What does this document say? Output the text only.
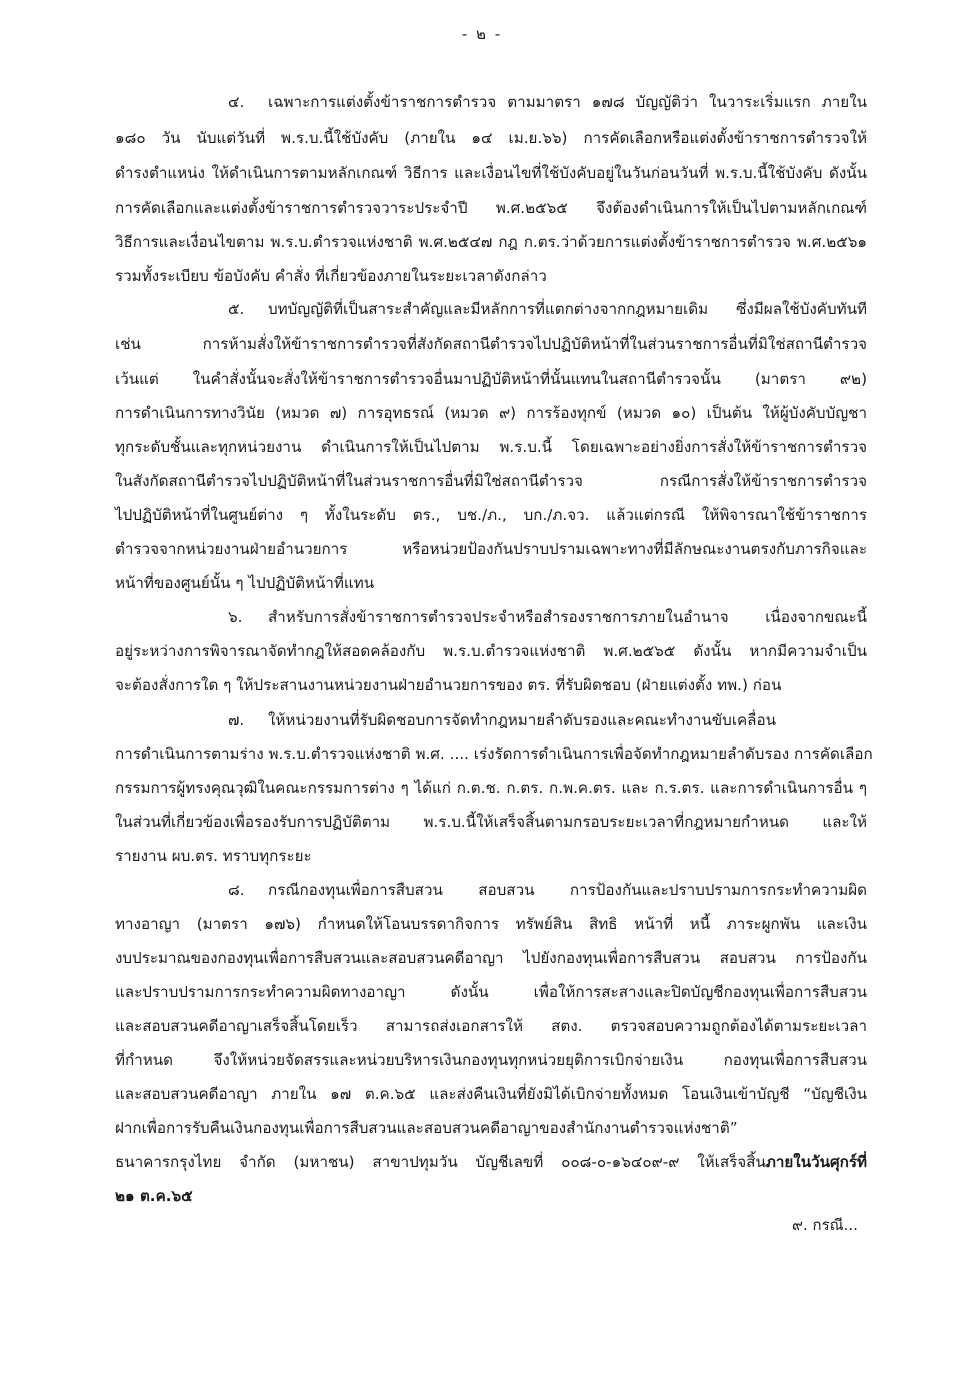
- ๒ -
๔. เฉพาะการแต่งตั้งข้าราชการตำรวจ ตามมาตรา ๑๗๘ บัญญัติว่า ในวาระเริ่มแรก ภายใน
๑๘๐ วัน นับแต่วันที่ พ.ร.บ.นี้ใช้บังคับ (ภายใน ๑๔ เม.ย.๖๖) การคัดเลือกหรือแต่งตั้งข้าราชการตำรวจให้
ดำรงตำแหน่ง ให้ดำเนินการตามหลักเกณฑ์ วิธีการ และเงื่อนไขที่ใช้บังคับอยู่ในวันก่อนวันที่ พ.ร.บ.นี้ใช้บังคับ ดังนั้น
การคัดเลือกและแต่งตั้งข้าราชการตำรวจวาระประจำปี พ.ศ.๒๕๖๕ จึงต้องดำเนินการให้เป็นไปตามหลักเกณฑ์
วิธีการและเงื่อนไขตาม พ.ร.บ.ตำรวจแห่งชาติ พ.ศ.๒๕๔๗ กฎ ก.ตร.ว่าด้วยการแต่งตั้งข้าราชการตำรวจ พ.ศ.๒๕๖๑
รวมทั้งระเบียบ ข้อบังคับ คำสั่ง ที่เกี่ยวข้องภายในระยะเวลาดังกล่าว
๕. บทบัญญัติที่เป็นสาระสำคัญและมีหลักการที่แตกต่างจากกฎหมายเดิม ซึ่งมีผลใช้บังคับทันที
เช่น การห้ามสั่งให้ข้าราชการตำรวจที่สังกัดสถานีตำรวจไปปฏิบัติหน้าที่ในส่วนราชการอื่นที่มิใช่สถานีตำรวจ
เว้นแต่ ในคำสั่งนั้นจะสั่งให้ข้าราชการตำรวจอื่นมาปฏิบัติหน้าที่นั้นแทนในสถานีตำรวจนั้น (มาตรา ๙๒)
การดำเนินการทางวินัย (หมวด ๗) การอุทธรณ์ (หมวด ๙) การร้องทุกข์ (หมวด ๑๐) เป็นต้น ให้ผู้บังคับบัญชา
ทุกระดับชั้นและทุกหน่วยงาน ดำเนินการให้เป็นไปตาม พ.ร.บ.นี้ โดยเฉพาะอย่างยิ่งการสั่งให้ข้าราชการตำรวจ
ในสังกัดสถานีตำรวจไปปฏิบัติหน้าที่ในส่วนราชการอื่นที่มิใช่สถานีตำรวจ กรณีการสั่งให้ข้าราชการตำรวจ
ไปปฏิบัติหน้าที่ในศูนย์ต่าง ๆ ทั้งในระดับ ตร., บช./ภ., บก./ภ.จว. แล้วแต่กรณี ให้พิจารณาใช้ข้าราชการ
ตำรวจจากหน่วยงานฝ่ายอำนวยการ หรือหน่วยป้องกันปราบปรามเฉพาะทางที่มีลักษณะงานตรงกับภารกิจและ
หน้าที่ของศูนย์นั้น ๆ ไปปฏิบัติหน้าที่แทน
๖. สำหรับการสั่งข้าราชการตำรวจประจำหรือสำรองราชการภายในอำนาจ เนื่องจากขณะนี้
อยู่ระหว่างการพิจารณาจัดทำกฎให้สอดคล้องกับ พ.ร.บ.ตำรวจแห่งชาติ พ.ศ.๒๕๖๕ ดังนั้น หากมีความจำเป็น
จะต้องสั่งการใด ๆ ให้ประสานงานหน่วยงานฝ่ายอำนวยการของ ตร. ที่รับผิดชอบ (ฝ่ายแต่งตั้ง ทพ.) ก่อน
๗. ให้หน่วยงานที่รับผิดชอบการจัดทำกฎหมายลำดับรองและคณะทำงานขับเคลื่อน
การดำเนินการตามร่าง พ.ร.บ.ตำรวจแห่งชาติ พ.ศ. .... เร่งรัดการดำเนินการเพื่อจัดทำกฎหมายลำดับรอง การคัดเลือก
กรรมการผู้ทรงคุณวุฒิในคณะกรรมการต่าง ๆ ได้แก่ ก.ต.ช. ก.ตร. ก.พ.ค.ตร. และ ก.ร.ตร. และการดำเนินการอื่น ๆ
ในส่วนที่เกี่ยวข้องเพื่อรองรับการปฏิบัติตาม พ.ร.บ.นี้ให้เสร็จสิ้นตามกรอบระยะเวลาที่กฎหมายกำหนด และให้
รายงาน ผบ.ตร. ทราบทุกระยะ
๘. กรณีกองทุนเพื่อการสืบสวน สอบสวน การป้องกันและปราบปรามการกระทำความผิด
ทางอาญา (มาตรา ๑๗๖) กำหนดให้โอนบรรดากิจการ ทรัพย์สิน สิทธิ หน้าที่ หนี้ ภาระผูกพัน และเงิน
งบประมาณของกองทุนเพื่อการสืบสวนและสอบสวนคดีอาญา ไปยังกองทุนเพื่อการสืบสวน สอบสวน การป้องกัน
และปราบปรามการกระทำความผิดทางอาญา ดังนั้น เพื่อให้การสะสางและปิดบัญชีกองทุนเพื่อการสืบสวน
และสอบสวนคดีอาญาเสร็จสิ้นโดยเร็ว สามารถส่งเอกสารให้ สตง. ตรวจสอบความถูกต้องได้ตามระยะเวลา
ที่กำหนด จึงให้หน่วยจัดสรรและหน่วยบริหารเงินกองทุนทุกหน่วยยุติการเบิกจ่ายเงิน กองทุนเพื่อการสืบสวน
และสอบสวนคดีอาญา ภายใน ๑๗ ต.ค.๖๕ และส่งคืนเงินที่ยังมิได้เบิกจ่ายทั้งหมด โอนเงินเข้าบัญชี “บัญชีเงิน
ฝากเพื่อการรับคืนเงินกองทุนเพื่อการสืบสวนและสอบสวนคดีอาญาของสำนักงานตำรวจแห่งชาติ”
ธนาคารกรุงไทย จำกัด (มหาชน) สาขาปทุมวัน บัญชีเลขที่ ๐๐๘-๐-๑๖๔๐๙-๙ ให้เสร็จสิ้นภายในวันศุกร์ที่
๒๑ ต.ค.๖๕
๙. กรณี...
